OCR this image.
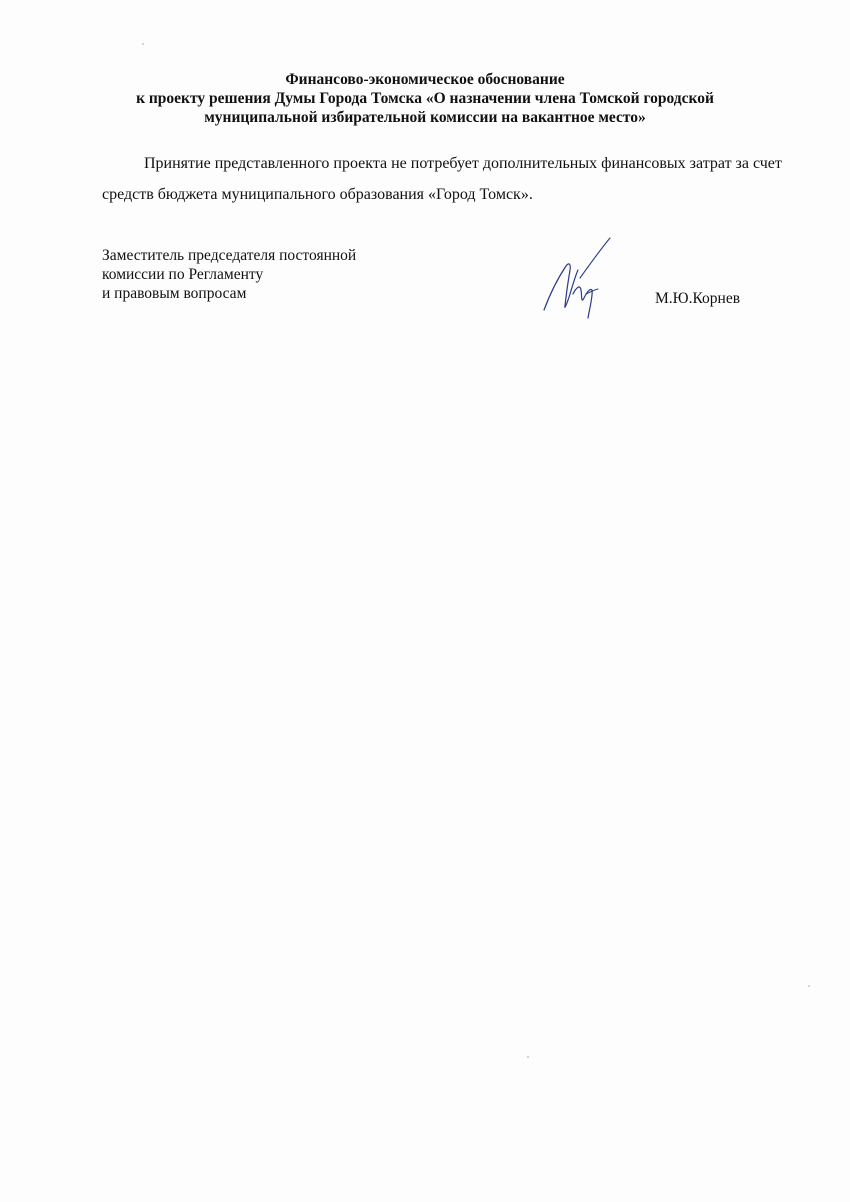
Финансово-экономическое обоснование
к проекту решения Думы Города Томска «О назначении члена Томской городской
муниципальной избирательной комиссии на вакантное место»
Принятие представленного проекта не потребует дополнительных финансовых затрат за счет
средств бюджета муниципального образования «Город Томск».
Заместитель председателя постоянной
комиссии по Регламенту
и правовым вопросам	М.Ю.Корнев
